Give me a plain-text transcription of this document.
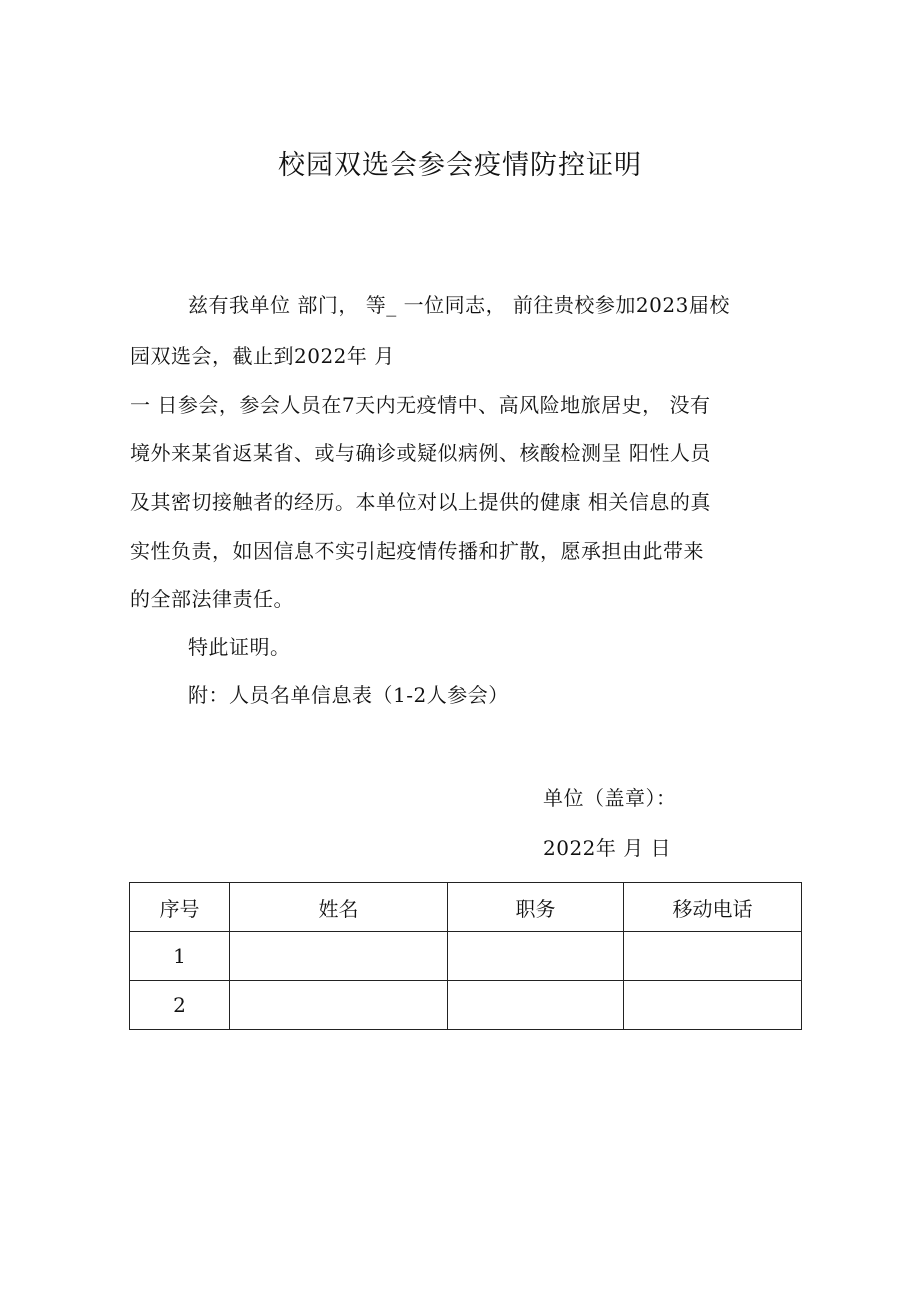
校园双选会参会疫情防控证明
兹有我单位 部门， 等_ 一位同志， 前往贵校参加2023届校
园双选会，截止到2022年 月
一 日参会，参会人员在7天内无疫情中、高风险地旅居史， 没有
境外来某省返某省、或与确诊或疑似病例、核酸检测呈 阳性人员
及其密切接触者的经历。本单位对以上提供的健康 相关信息的真
实性负责，如因信息不实引起疫情传播和扩散，愿承担由此带来
的全部法律责任。
特此证明。
附：人员名单信息表（1-2人参会）
单位（盖章）：
2022年 月 日
序号	姓名	职务	移动电话
1			
2			
